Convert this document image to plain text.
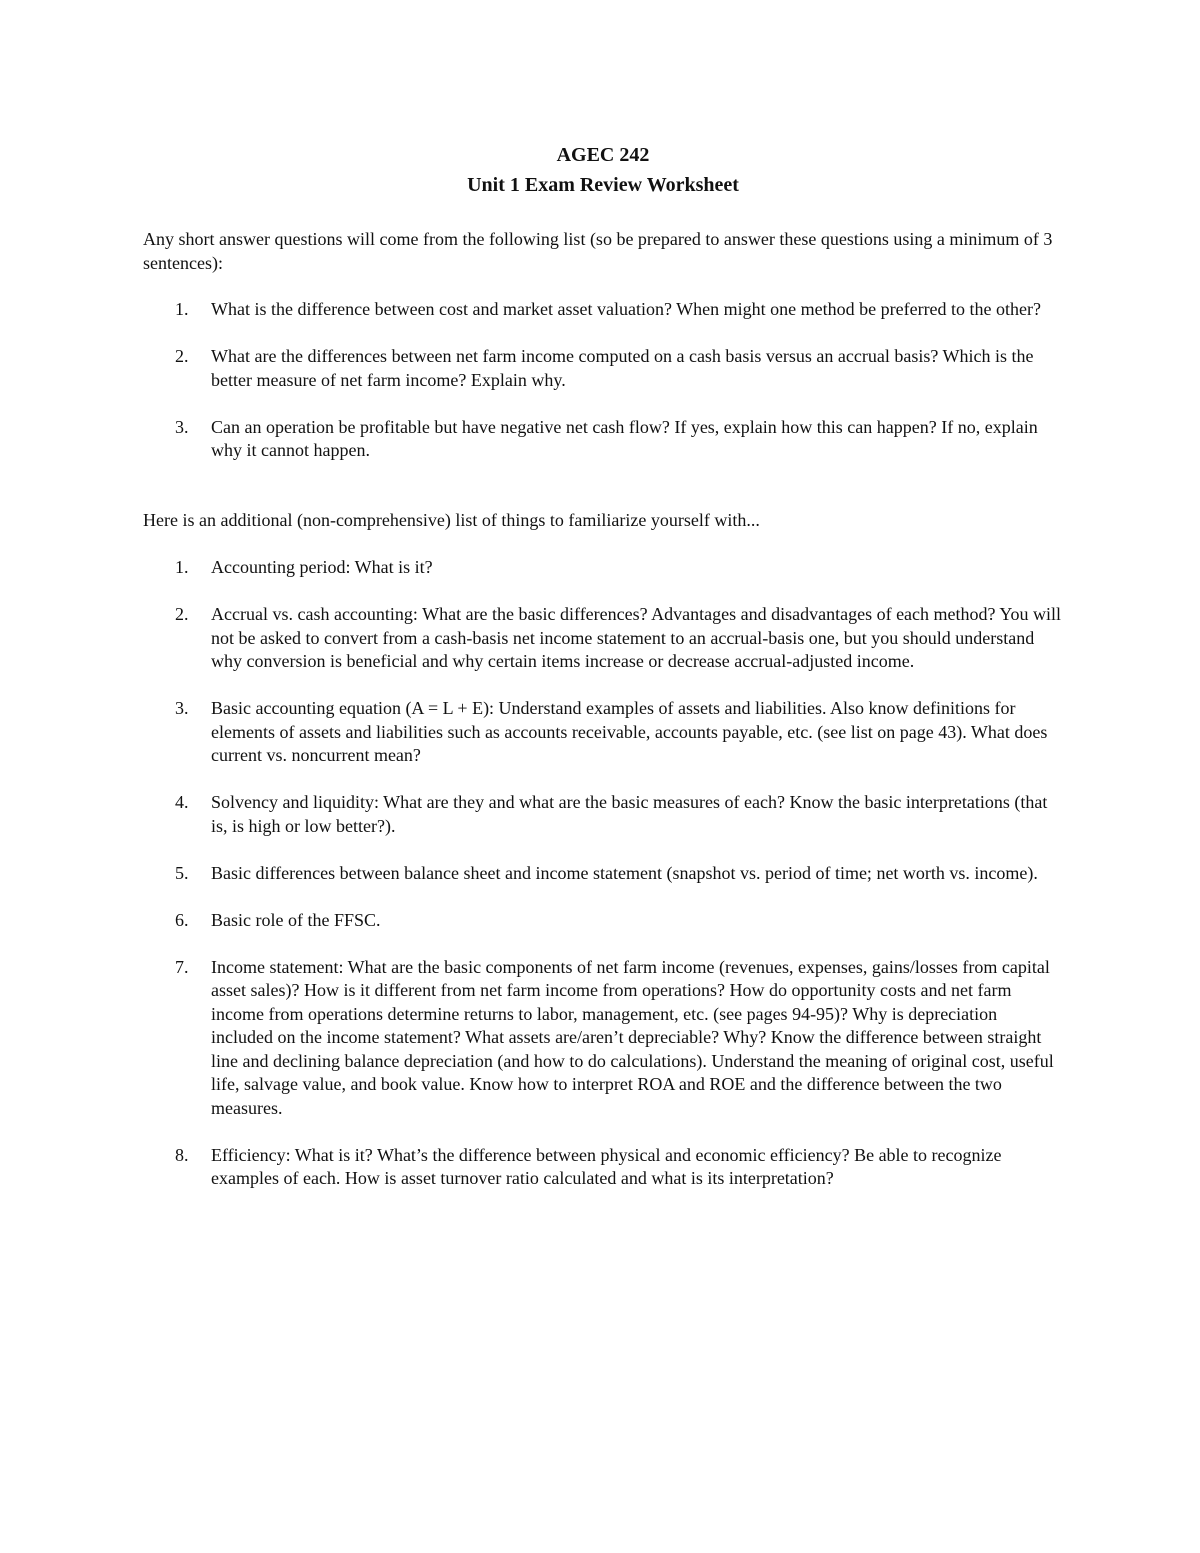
AGEC 242
Unit 1 Exam Review Worksheet
Any short answer questions will come from the following list (so be prepared to answer these questions using a minimum of 3 sentences):
1. What is the difference between cost and market asset valuation? When might one method be preferred to the other?
2. What are the differences between net farm income computed on a cash basis versus an accrual basis? Which is the better measure of net farm income? Explain why.
3. Can an operation be profitable but have negative net cash flow? If yes, explain how this can happen? If no, explain why it cannot happen.
Here is an additional (non-comprehensive) list of things to familiarize yourself with...
1. Accounting period: What is it?
2. Accrual vs. cash accounting: What are the basic differences? Advantages and disadvantages of each method? You will not be asked to convert from a cash-basis net income statement to an accrual-basis one, but you should understand why conversion is beneficial and why certain items increase or decrease accrual-adjusted income.
3. Basic accounting equation (A = L + E): Understand examples of assets and liabilities. Also know definitions for elements of assets and liabilities such as accounts receivable, accounts payable, etc. (see list on page 43). What does current vs. noncurrent mean?
4. Solvency and liquidity: What are they and what are the basic measures of each? Know the basic interpretations (that is, is high or low better?).
5. Basic differences between balance sheet and income statement (snapshot vs. period of time; net worth vs. income).
6. Basic role of the FFSC.
7. Income statement: What are the basic components of net farm income (revenues, expenses, gains/losses from capital asset sales)? How is it different from net farm income from operations? How do opportunity costs and net farm income from operations determine returns to labor, management, etc. (see pages 94-95)? Why is depreciation included on the income statement? What assets are/aren’t depreciable? Why? Know the difference between straight line and declining balance depreciation (and how to do calculations). Understand the meaning of original cost, useful life, salvage value, and book value. Know how to interpret ROA and ROE and the difference between the two measures.
8. Efficiency: What is it? What’s the difference between physical and economic efficiency? Be able to recognize examples of each. How is asset turnover ratio calculated and what is its interpretation?
